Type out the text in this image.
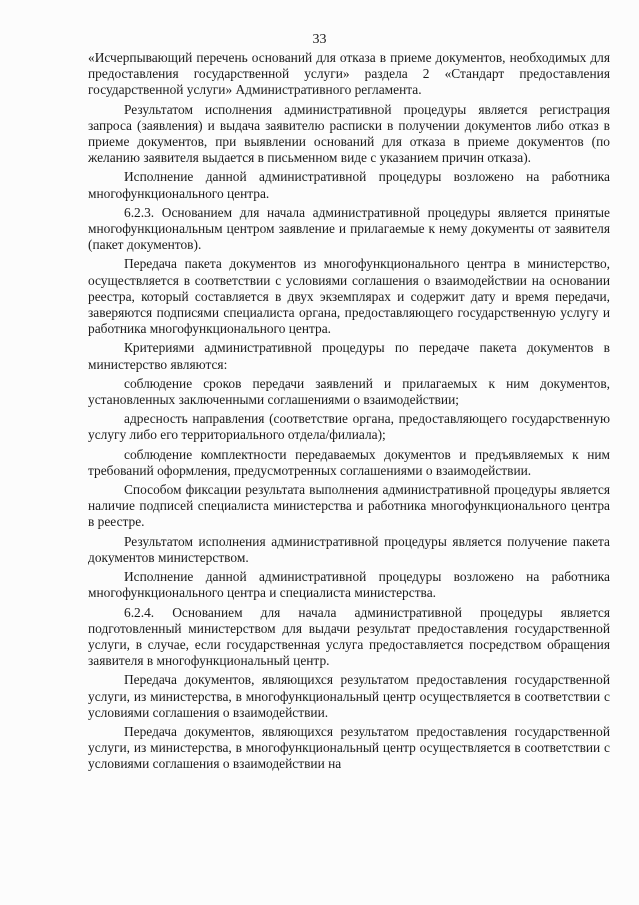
33

«Исчерпывающий перечень оснований для отказа в приеме документов, необходимых для предоставления государственной услуги» раздела 2 «Стандарт предоставления государственной услуги» Административного регламента.

Результатом исполнения административной процедуры является регистрация запроса (заявления) и выдача заявителю расписки в получении документов либо отказ в приеме документов, при выявлении оснований для отказа в приеме документов (по желанию заявителя выдается в письменном виде с указанием причин отказа).

Исполнение данной административной процедуры возложено на работника многофункционального центра.

6.2.3. Основанием для начала административной процедуры является принятые многофункциональным центром заявление и прилагаемые к нему документы от заявителя (пакет документов).

Передача пакета документов из многофункционального центра в министерство, осуществляется в соответствии с условиями соглашения о взаимодействии на основании реестра, который составляется в двух экземплярах и содержит дату и время передачи, заверяются подписями специалиста органа, предоставляющего государственную услугу и работника многофункционального центра.

Критериями административной процедуры по передаче пакета документов в министерство являются:

соблюдение сроков передачи заявлений и прилагаемых к ним документов, установленных заключенными соглашениями о взаимодействии;

адресность направления (соответствие органа, предоставляющего государственную услугу либо его территориального отдела/филиала);

соблюдение комплектности передаваемых документов и предъявляемых к ним требований оформления, предусмотренных соглашениями о взаимодействии.

Способом фиксации результата выполнения административной процедуры является наличие подписей специалиста министерства и работника многофункционального центра в реестре.

Результатом исполнения административной процедуры является получение пакета документов министерством.

Исполнение данной административной процедуры возложено на работника многофункционального центра и специалиста министерства.

6.2.4. Основанием для начала административной процедуры является подготовленный министерством для выдачи результат предоставления государственной услуги, в случае, если государственная услуга предоставляется посредством обращения заявителя в многофункциональный центр.

Передача документов, являющихся результатом предоставления государственной услуги, из министерства, в многофункциональный центр осуществляется в соответствии с условиями соглашения о взаимодействии.

Передача документов, являющихся результатом предоставления государственной услуги, из министерства, в многофункциональный центр осуществляется в соответствии с условиями соглашения о взаимодействии на
